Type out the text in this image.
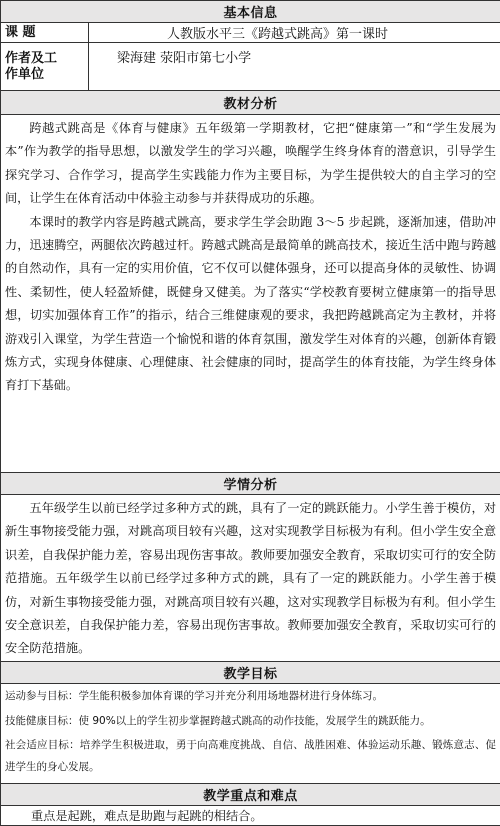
基本信息	
课 题	人教版水平三《跨越式跳高》第一课时

作者及工
作单位	梁海建 荥阳市第七小学
教材分析	

跨越式跳高是《体育与健康》五年级第一学期教材，它把“健康第一”和“学生发展为本”作为教学的指导思想，以激发学生的学习兴趣，唤醒学生终身体育的潜意识，引导学生探究学习、合作学习，提高学生实践能力作为主要目标，为学生提供较大的自主学习的空间，让学生在体育活动中体验主动参与并获得成功的乐趣。

本课时的教学内容是跨越式跳高，要求学生学会助跑 3～5 步起跳，逐渐加速，借助冲力，迅速腾空，两腿依次跨越过杆。跨越式跳高是最简单的跳高技术，接近生活中跑与跨越的自然动作，具有一定的实用价值，它不仅可以健体强身，还可以提高身体的灵敏性、协调性、柔韧性，使人轻盈矫健，既健身又健美。为了落实“学校教育要树立健康第一的指导思想，切实加强体育工作”的指示，结合三维健康观的要求，我把跨越跳高定为主教材，并将游戏引入课堂，为学生营造一个愉悦和谐的体育氛围，激发学生对体育的兴趣，创新体育锻炼方式，实现身体健康、心理健康、社会健康的同时，提高学生的体育技能，为学生终身体育打下基础。	

学情分析	

五年级学生以前已经学过多种方式的跳，具有了一定的跳跃能力。小学生善于模仿，对新生事物接受能力强，对跳高项目较有兴趣，这对实现教学目标极为有利。但小学生安全意识差，自我保护能力差，容易出现伤害事故。教师要加强安全教育，采取切实可行的安全防范措施。五年级学生以前已经学过多种方式的跳，具有了一定的跳跃能力。小学生善于模仿，对新生事物接受能力强，对跳高项目较有兴趣，这对实现教学目标极为有利。但小学生安全意识差，自我保护能力差，容易出现伤害事故。教师要加强安全教育，采取切实可行的安全防范措施。	

教学目标	

运动参与目标：学生能积极参加体育课的学习并充分利用场地器材进行身体练习。

技能健康目标：使 90%以上的学生初步掌握跨越式跳高的动作技能，发展学生的跳跃能力。

社会适应目标：培养学生积极进取，勇于向高难度挑战、自信、战胜困难、体验运动乐趣、锻炼意志、促进学生的身心发展。	

教学重点和难点	
重点是起跳，难点是助跑与起跳的相结合。	
